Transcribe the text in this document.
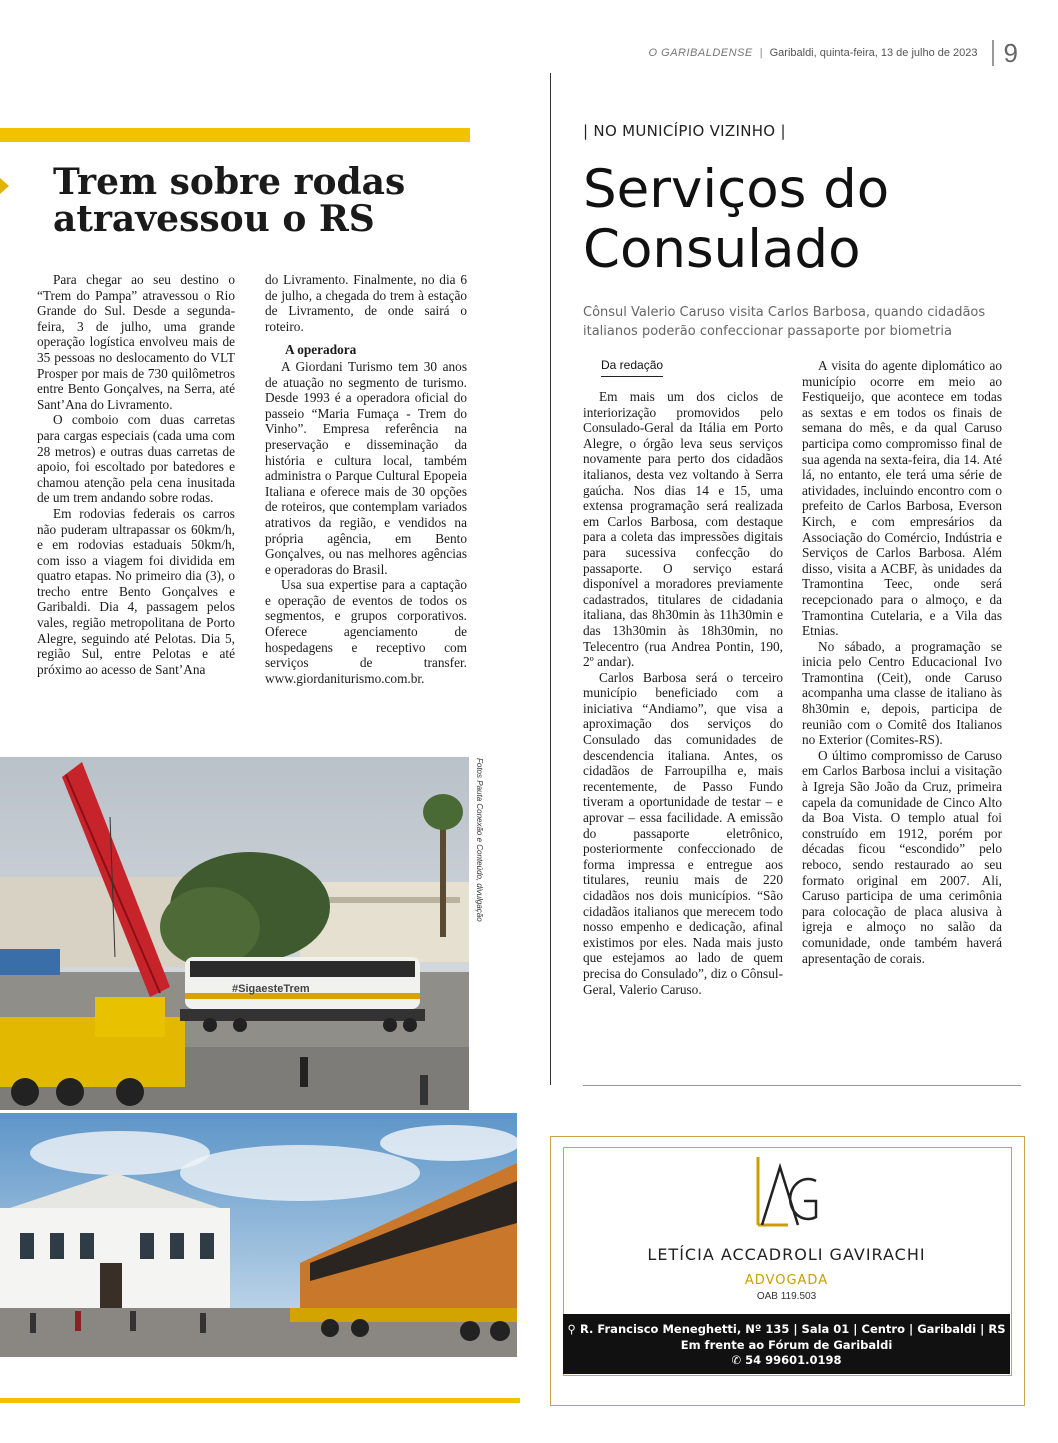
O GARIBALDENSE | Garibaldi, quinta-feira, 13 de julho de 2023	9
Trem sobre rodas atravessou o RS

Para chegar ao seu destino o “Trem do Pampa” atravessou o Rio Grande do Sul. Desde a segunda-feira, 3 de julho, uma grande operação logística envolveu mais de 35 pessoas no deslocamento do VLT Prosper por mais de 730 quilômetros entre Bento Gonçalves, na Serra, até Sant’Ana do Livramento.

O comboio com duas carretas para cargas especiais (cada uma com 28 metros) e outras duas carretas de apoio, foi escoltado por batedores e chamou atenção pela cena inusitada de um trem andando sobre rodas.

Em rodovias federais os carros não puderam ultrapassar os 60km/h, e em rodovias estaduais 50km/h, com isso a viagem foi dividida em quatro etapas. No primeiro dia (3), o trecho entre Bento Gonçalves e Garibaldi. Dia 4, passagem pelos vales, região metropolitana de Porto Alegre, seguindo até Pelotas. Dia 5, região Sul, entre Pelotas e até próximo ao acesso de Sant’Ana

do Livramento. Finalmente, no dia 6 de julho, a chegada do trem à estação de Livramento, de onde sairá o roteiro.

A operadora

A Giordani Turismo tem 30 anos de atuação no segmento de turismo. Desde 1993 é a operadora oficial do passeio “Maria Fumaça - Trem do Vinho”. Empresa referência na preservação e disseminação da história e cultura local, também administra o Parque Cultural Epopeia Italiana e oferece mais de 30 opções de roteiros, que contemplam variados atrativos da região, e vendidos na própria agência, em Bento Gonçalves, ou nas melhores agências e operadoras do Brasil.

Usa sua expertise para a captação e operação de eventos de todos os segmentos, e grupos corporativos. Oferece agenciamento de hospedagens e receptivo com serviços de transfer. www.giordaniturismo.com.br.

Fotos Pauta Conexão e Conteúdo, divulgação
#SigaesteTrem
| NO MUNICÍPIO VIZINHO |
Serviços do Consulado
Cônsul Valerio Caruso visita Carlos Barbosa, quando cidadãos italianos poderão confeccionar passaporte por biometria
Da redação

Em mais um dos ciclos de interiorização promovidos pelo Consulado-Geral da Itália em Porto Alegre, o órgão leva seus serviços novamente para perto dos cidadãos italianos, desta vez voltando à Serra gaúcha. Nos dias 14 e 15, uma extensa programação será realizada em Carlos Barbosa, com destaque para a coleta das impressões digitais para sucessiva confecção do passaporte. O serviço estará disponível a moradores previamente cadastrados, titulares de cidadania italiana, das 8h30min às 11h30min e das 13h30min às 18h30min, no Telecentro (rua Andrea Pontin, 190, 2º andar).

Carlos Barbosa será o terceiro município beneficiado com a iniciativa “Andiamo”, que visa a aproximação dos serviços do Consulado das comunidades de descendencia italiana. Antes, os cidadãos de Farroupilha e, mais recentemente, de Passo Fundo tiveram a oportunidade de testar – e aprovar – essa facilidade. A emissão do passaporte eletrônico, posteriormente confeccionado de forma impressa e entregue aos titulares, reuniu mais de 220 cidadãos nos dois municípios. “São cidadãos italianos que merecem todo nosso empenho e dedicação, afinal existimos por eles. Nada mais justo que estejamos ao lado de quem precisa do Consulado”, diz o Cônsul-Geral, Valerio Caruso.

A visita do agente diplomático ao município ocorre em meio ao Festiqueijo, que acontece em todas as sextas e em todos os finais de semana do mês, e da qual Caruso participa como compromisso final de sua agenda na sexta-feira, dia 14. Até lá, no entanto, ele terá uma série de atividades, incluindo encontro com o prefeito de Carlos Barbosa, Everson Kirch, e com empresários da Associação do Comércio, Indústria e Serviços de Carlos Barbosa. Além disso, visita a ACBF, às unidades da Tramontina Teec, onde será recepcionado para o almoço, e da Tramontina Cutelaria, e a Vila das Etnias.

No sábado, a programação se inicia pelo Centro Educacional Ivo Tramontina (Ceit), onde Caruso acompanha uma classe de italiano às 8h30min e, depois, participa de reunião com o Comitê dos Italianos no Exterior (Comites-RS).

O último compromisso de Caruso em Carlos Barbosa inclui a visitação à Igreja São João da Cruz, primeira capela da comunidade de Cinco Alto da Boa Vista. O templo atual foi construído em 1912, porém por décadas ficou “escondido” pelo reboco, sendo restaurado ao seu formato original em 2007. Ali, Caruso participa de uma cerimônia para colocação de placa alusiva à igreja e almoço no salão da comunidade, onde também haverá apresentação de corais.

LETÍCIA ACCADROLI GAVIRACHI
ADVOGADA
OAB 119.503
⚲ R. Francisco Meneghetti, Nº 135 | Sala 01 | Centro | Garibaldi | RS
Em frente ao Fórum de Garibaldi
✆ 54 99601.0198
